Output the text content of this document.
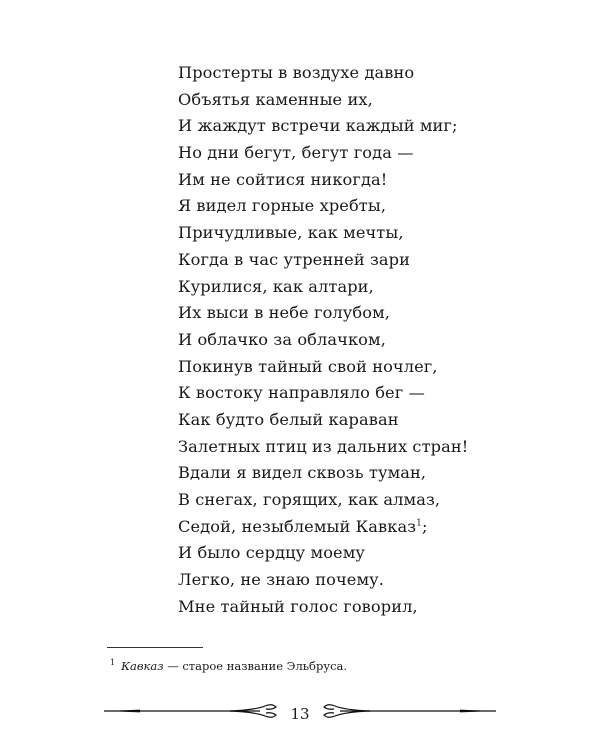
Простерты в воздухе давно
Объятья каменные их,
И жаждут встречи каждый миг;
Но дни бегут, бегут года —
Им не сойтися никогда!
Я видел горные хребты,
Причудливые, как мечты,
Когда в час утренней зари
Курилися, как алтари,
Их выси в небе голубом,
И облачко за облачком,
Покинув тайный свой ночлег,
К востоку направляло бег —
Как будто белый караван
Залетных птиц из дальних стран!
Вдали я видел сквозь туман,
В снегах, горящих, как алмаз,
Седой, незыблемый Кавказ$^1$;
И было сердцу моему
Легко, не знаю почему.
Мне тайный голос говорил,
$^1$ Кавказ — старое название Эльбруса.
13
